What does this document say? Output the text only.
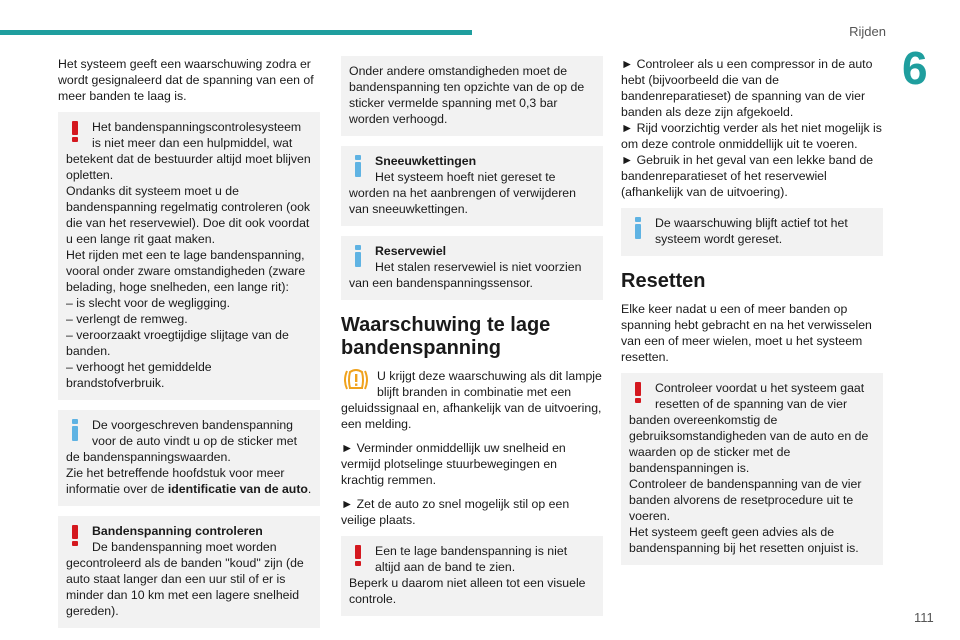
Rijden
6
Het systeem geeft een waarschuwing zodra er wordt gesignaleerd dat de spanning van een of meer banden te laag is.
Het bandenspanningscontrolesysteem is niet meer dan een hulpmiddel, wat betekent dat de bestuurder altijd moet blijven opletten.
Ondanks dit systeem moet u de bandenspanning regelmatig controleren (ook die van het reservewiel). Doe dit ook voordat u een lange rit gaat maken.
Het rijden met een te lage bandenspanning, vooral onder zware omstandigheden (zware belading, hoge snelheden, een lange rit):
– is slecht voor de wegligging.
– verlengt de remweg.
– veroorzaakt vroegtijdige slijtage van de banden.
– verhoogt het gemiddelde brandstofverbruik.
De voorgeschreven bandenspanning voor de auto vindt u op de sticker met de bandenspanningswaarden.
Zie het betreffende hoofdstuk voor meer informatie over de identificatie van de auto.
Bandenspanning controleren
De bandenspanning moet worden gecontroleerd als de banden "koud" zijn (de auto staat langer dan een uur stil of er is minder dan 10 km met een lagere snelheid gereden).
Onder andere omstandigheden moet de bandenspanning ten opzichte van de op de sticker vermelde spanning met 0,3 bar worden verhoogd.
Sneeuwkettingen
Het systeem hoeft niet gereset te worden na het aanbrengen of verwijderen van sneeuwkettingen.
Reservewiel
Het stalen reservewiel is niet voorzien van een bandenspanningssensor.
Waarschuwing te lage bandenspanning
U krijgt deze waarschuwing als dit lampje blijft branden in combinatie met een geluidssignaal en, afhankelijk van de uitvoering, een melding.
► Verminder onmiddellijk uw snelheid en vermijd plotselinge stuurbewegingen en krachtig remmen.
► Zet de auto zo snel mogelijk stil op een veilige plaats.
Een te lage bandenspanning is niet altijd aan de band te zien.
Beperk u daarom niet alleen tot een visuele controle.
► Controleer als u een compressor in de auto hebt (bijvoorbeeld die van de bandenreparatieset) de spanning van de vier banden als deze zijn afgekoeld.
► Rijd voorzichtig verder als het niet mogelijk is om deze controle onmiddellijk uit te voeren.
► Gebruik in het geval van een lekke band de bandenreparatieset of het reservewiel (afhankelijk van de uitvoering).
De waarschuwing blijft actief tot het systeem wordt gereset.
Resetten
Elke keer nadat u een of meer banden op spanning hebt gebracht en na het verwisselen van een of meer wielen, moet u het systeem resetten.
Controleer voordat u het systeem gaat resetten of de spanning van de vier banden overeenkomstig de gebruiksomstandigheden van de auto en de waarden op de sticker met de bandenspanningen is.
Controleer de bandenspanning van de vier banden alvorens de resetprocedure uit te voeren.
Het systeem geeft geen advies als de bandenspanning bij het resetten onjuist is.
111
